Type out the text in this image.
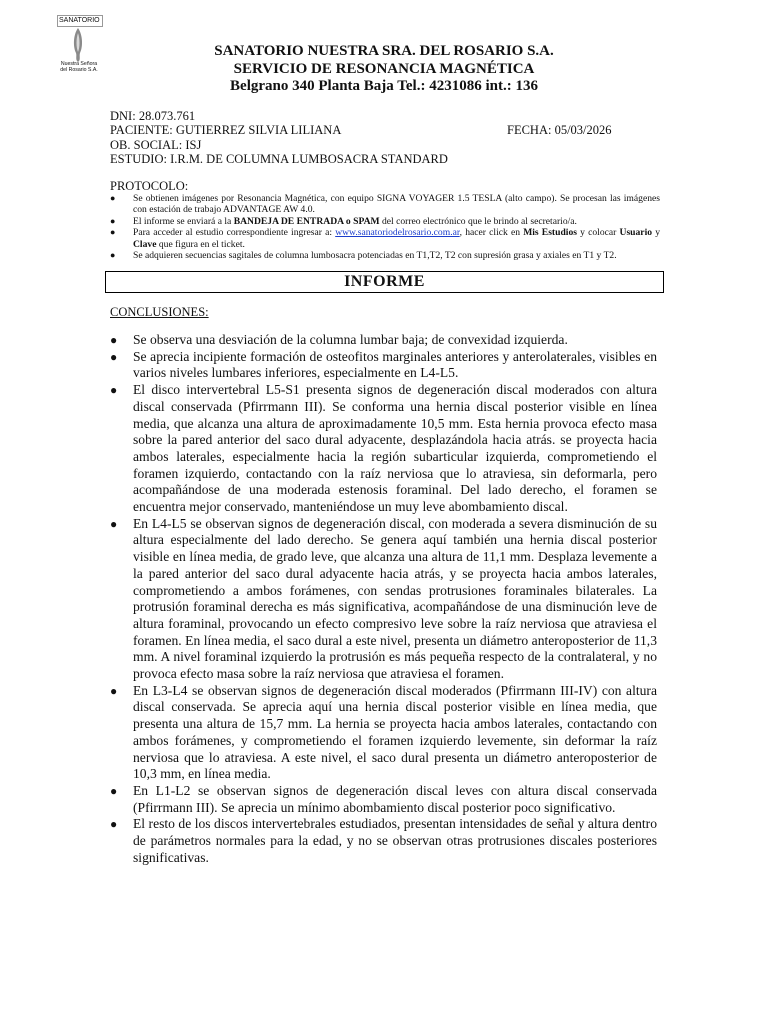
SANATORIO
Nuestra Señora
del Rosario S.A.
SANATORIO NUESTRA SRA. DEL ROSARIO S.A.
SERVICIO DE RESONANCIA MAGNÉTICA
Belgrano 340 Planta Baja Tel.: 4231086 int.: 136
DNI: 28.073.761
PACIENTE: GUTIERREZ SILVIA LILIANA	FECHA: 05/03/2026
OB. SOCIAL: ISJ
ESTUDIO: I.R.M. DE COLUMNA LUMBOSACRA STANDARD
PROTOCOLO:
● Se obtienen imágenes por Resonancia Magnética, con equipo SIGNA VOYAGER 1.5 TESLA (alto campo). Se procesan las imágenes con estación de trabajo ADVANTAGE AW 4.0.
● El informe se enviará a la BANDEJA DE ENTRADA o SPAM del correo electrónico que le brindo al secretario/a.
● Para acceder al estudio correspondiente ingresar a: www.sanatoriodelrosario.com.ar, hacer click en Mis Estudios y colocar Usuario y Clave que figura en el ticket.
● Se adquieren secuencias sagitales de columna lumbosacra potenciadas en T1,T2, T2 con supresión grasa y axiales en T1 y T2.
INFORME
CONCLUSIONES:
● Se observa una desviación de la columna lumbar baja; de convexidad izquierda.
● Se aprecia incipiente formación de osteofitos marginales anteriores y anterolaterales, visibles en varios niveles lumbares inferiores, especialmente en L4-L5.
● El disco intervertebral L5-S1 presenta signos de degeneración discal moderados con altura discal conservada (Pfirrmann III). Se conforma una hernia discal posterior visible en línea media, que alcanza una altura de aproximadamente 10,5 mm. Esta hernia provoca efecto masa sobre la pared anterior del saco dural adyacente, desplazándola hacia atrás. se proyecta hacia ambos laterales, especialmente hacia la región subarticular izquierda, comprometiendo el foramen izquierdo, contactando con la raíz nerviosa que lo atraviesa, sin deformarla, pero acompañándose de una moderada estenosis foraminal. Del lado derecho, el foramen se encuentra mejor conservado, manteniéndose un muy leve abombamiento discal.
● En L4-L5 se observan signos de degeneración discal, con moderada a severa disminución de su altura especialmente del lado derecho. Se genera aquí también una hernia discal posterior visible en línea media, de grado leve, que alcanza una altura de 11,1 mm. Desplaza levemente a la pared anterior del saco dural adyacente hacia atrás, y se proyecta hacia ambos laterales, comprometiendo a ambos forámenes, con sendas protrusiones foraminales bilaterales. La protrusión foraminal derecha es más significativa, acompañándose de una disminución leve de altura foraminal, provocando un efecto compresivo leve sobre la raíz nerviosa que atraviesa el foramen. En línea media, el saco dural a este nivel, presenta un diámetro anteroposterior de 11,3 mm. A nivel foraminal izquierdo la protrusión es más pequeña respecto de la contralateral, y no provoca efecto masa sobre la raíz nerviosa que atraviesa el foramen.
● En L3-L4 se observan signos de degeneración discal moderados (Pfirrmann III-IV) con altura discal conservada. Se aprecia aquí una hernia discal posterior visible en línea media, que presenta una altura de 15,7 mm. La hernia se proyecta hacia ambos laterales, contactando con ambos forámenes, y comprometiendo el foramen izquierdo levemente, sin deformar la raíz nerviosa que lo atraviesa. A este nivel, el saco dural presenta un diámetro anteroposterior de 10,3 mm, en línea media.
● En L1-L2 se observan signos de degeneración discal leves con altura discal conservada (Pfirrmann III). Se aprecia un mínimo abombamiento discal posterior poco significativo.
● El resto de los discos intervertebrales estudiados, presentan intensidades de señal y altura dentro de parámetros normales para la edad, y no se observan otras protrusiones discales posteriores significativas.
